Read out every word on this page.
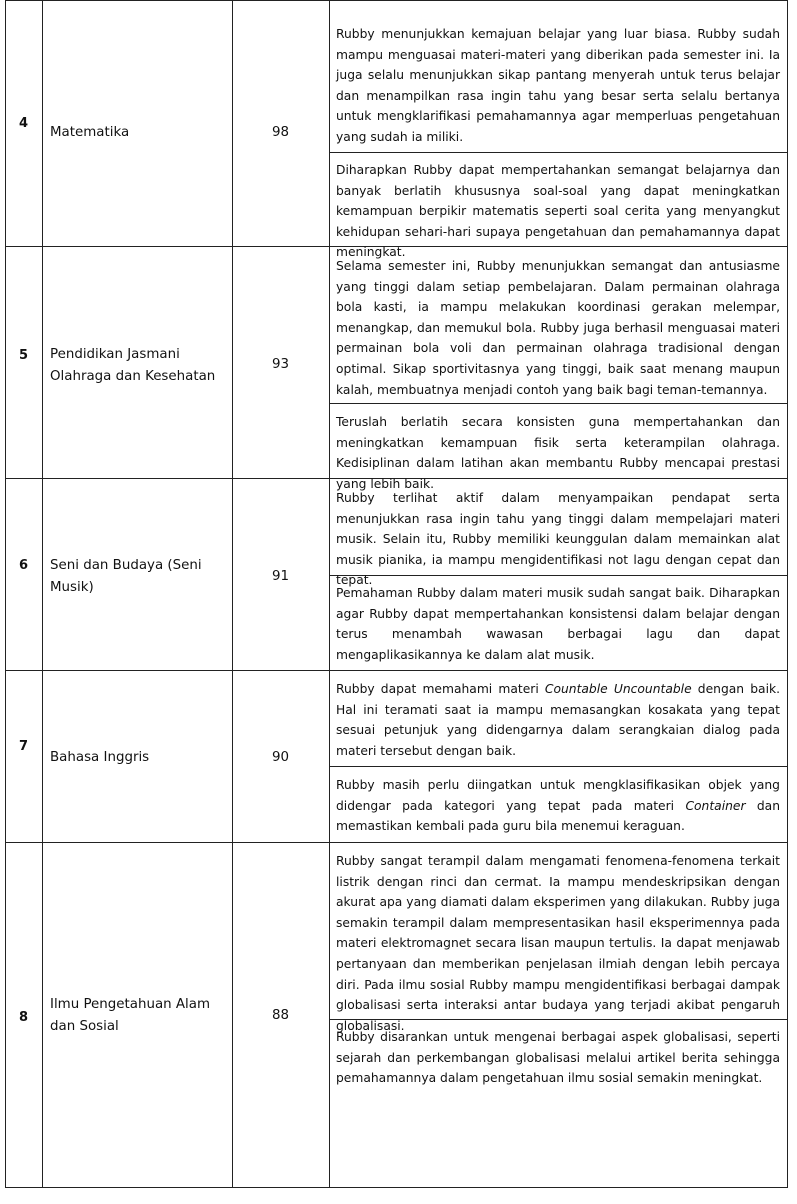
4
Matematika	98
Rubby menunjukkan kemajuan belajar yang luar biasa. Rubby sudah mampu menguasai materi-materi yang diberikan pada semester ini. Ia juga selalu menunjukkan sikap pantang menyerah untuk terus belajar dan menampilkan rasa ingin tahu yang besar serta selalu bertanya untuk mengklarifikasi pemahamannya agar memperluas pengetahuan yang sudah ia miliki.
Diharapkan Rubby dapat mempertahankan semangat belajarnya dan banyak berlatih khususnya soal-soal yang dapat meningkatkan kemampuan berpikir matematis seperti soal cerita yang menyangkut kehidupan sehari-hari supaya pengetahuan dan pemahamannya dapat meningkat.
5 Pendidikan Jasmani
Olahraga dan Kesehatan
93
Selama semester ini, Rubby menunjukkan semangat dan antusiasme yang tinggi dalam setiap pembelajaran. Dalam permainan olahraga bola kasti, ia mampu melakukan koordinasi gerakan melempar, menangkap, dan memukul bola. Rubby juga berhasil menguasai materi permainan bola voli dan permainan olahraga tradisional dengan optimal. Sikap sportivitasnya yang tinggi, baik saat menang maupun kalah, membuatnya menjadi contoh yang baik bagi teman-temannya.
Teruslah berlatih secara konsisten guna mempertahankan dan meningkatkan kemampuan fisik serta keterampilan olahraga. Kedisiplinan dalam latihan akan membantu Rubby mencapai prestasi yang lebih baik.
6 Seni dan Budaya (Seni
Musik)
91
Rubby terlihat aktif dalam menyampaikan pendapat serta menunjukkan rasa ingin tahu yang tinggi dalam mempelajari materi musik. Selain itu, Rubby memiliki keunggulan dalam memainkan alat musik pianika, ia mampu mengidentifikasi not lagu dengan cepat dan tepat.
Pemahaman Rubby dalam materi musik sudah sangat baik. Diharapkan agar Rubby dapat mempertahankan konsistensi dalam belajar dengan terus menambah wawasan berbagai lagu dan dapat mengaplikasikannya ke dalam alat musik.
7
Bahasa Inggris	90
Rubby dapat memahami materi Countable Uncountable dengan baik. Hal ini teramati saat ia mampu memasangkan kosakata yang tepat sesuai petunjuk yang didengarnya dalam serangkaian dialog pada materi tersebut dengan baik.
Rubby masih perlu diingatkan untuk mengklasifikasikan objek yang didengar pada kategori yang tepat pada materi Container dan memastikan kembali pada guru bila menemui keraguan.
8
Ilmu Pengetahuan Alam
dan Sosial
88
Rubby sangat terampil dalam mengamati fenomena-fenomena terkait listrik dengan rinci dan cermat. Ia mampu mendeskripsikan dengan akurat apa yang diamati dalam eksperimen yang dilakukan. Rubby juga semakin terampil dalam mempresentasikan hasil eksperimennya pada materi elektromagnet secara lisan maupun tertulis. Ia dapat menjawab pertanyaan dan memberikan penjelasan ilmiah dengan lebih percaya diri. Pada ilmu sosial Rubby mampu mengidentifikasi berbagai dampak globalisasi serta interaksi antar budaya yang terjadi akibat pengaruh globalisasi.
Rubby disarankan untuk mengenai berbagai aspek globalisasi, seperti sejarah dan perkembangan globalisasi melalui artikel berita sehingga pemahamannya dalam pengetahuan ilmu sosial semakin meningkat.
